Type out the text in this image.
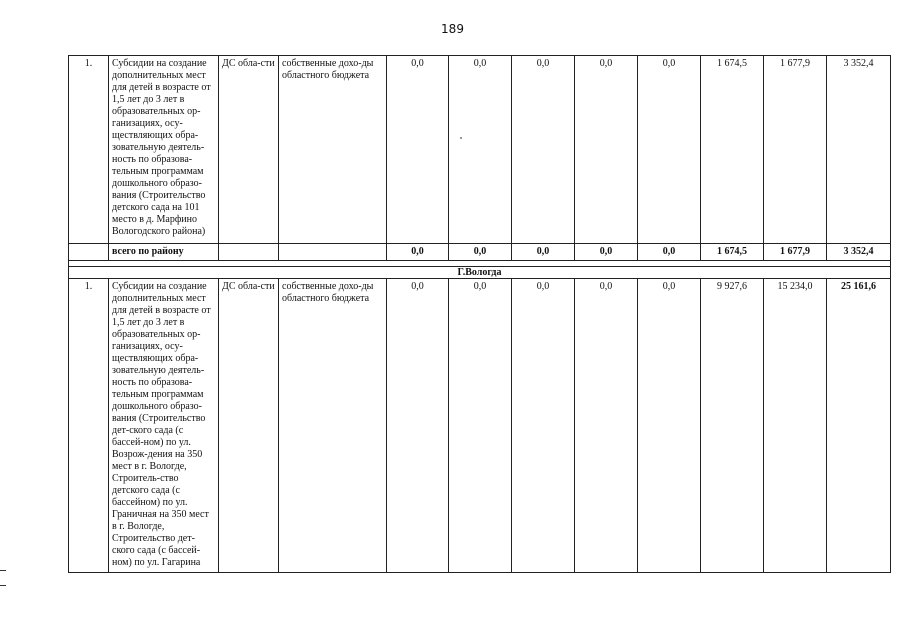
189
1.	Субсидии на создание дополнительных мест для детей в возрасте от 1,5 лет до 3 лет в образовательных ор-ганизациях, осу-ществляющих обра-зовательную деятель-ность по образова-тельным программам дошкольного образо-вания (Строительство детского сада на 101 место в д. Марфино Вологодского района)	ДС обла-сти	собственные дохо-ды областного бюджета	0,0	0,0	0,0	0,0	0,0	1 674,5	1 677,9	3 352,4
	всего по району			0,0	0,0	0,0	0,0	0,0	1 674,5	1 677,9	3 352,4

Г.Вологда											
1.	Субсидии на создание дополнительных мест для детей в возрасте от 1,5 лет до 3 лет в образовательных ор-ганизациях, осу-ществляющих обра-зовательную деятель-ность по образова-тельным программам дошкольного образо-вания (Строительство дет-ского сада (с бассей-ном) по ул. Возрож-дения на 350 мест в г. Вологде, Строитель-ство детского сада (с бассейном) по ул. Граничная на 350 мест в г. Вологде, Строительство дет-ского сада (с бассей-ном) по ул. Гагарина	ДС обла-сти	собственные дохо-ды областного бюджета	0,0	0,0	0,0	0,0	0,0	9 927,6	15 234,0	25 161,6
